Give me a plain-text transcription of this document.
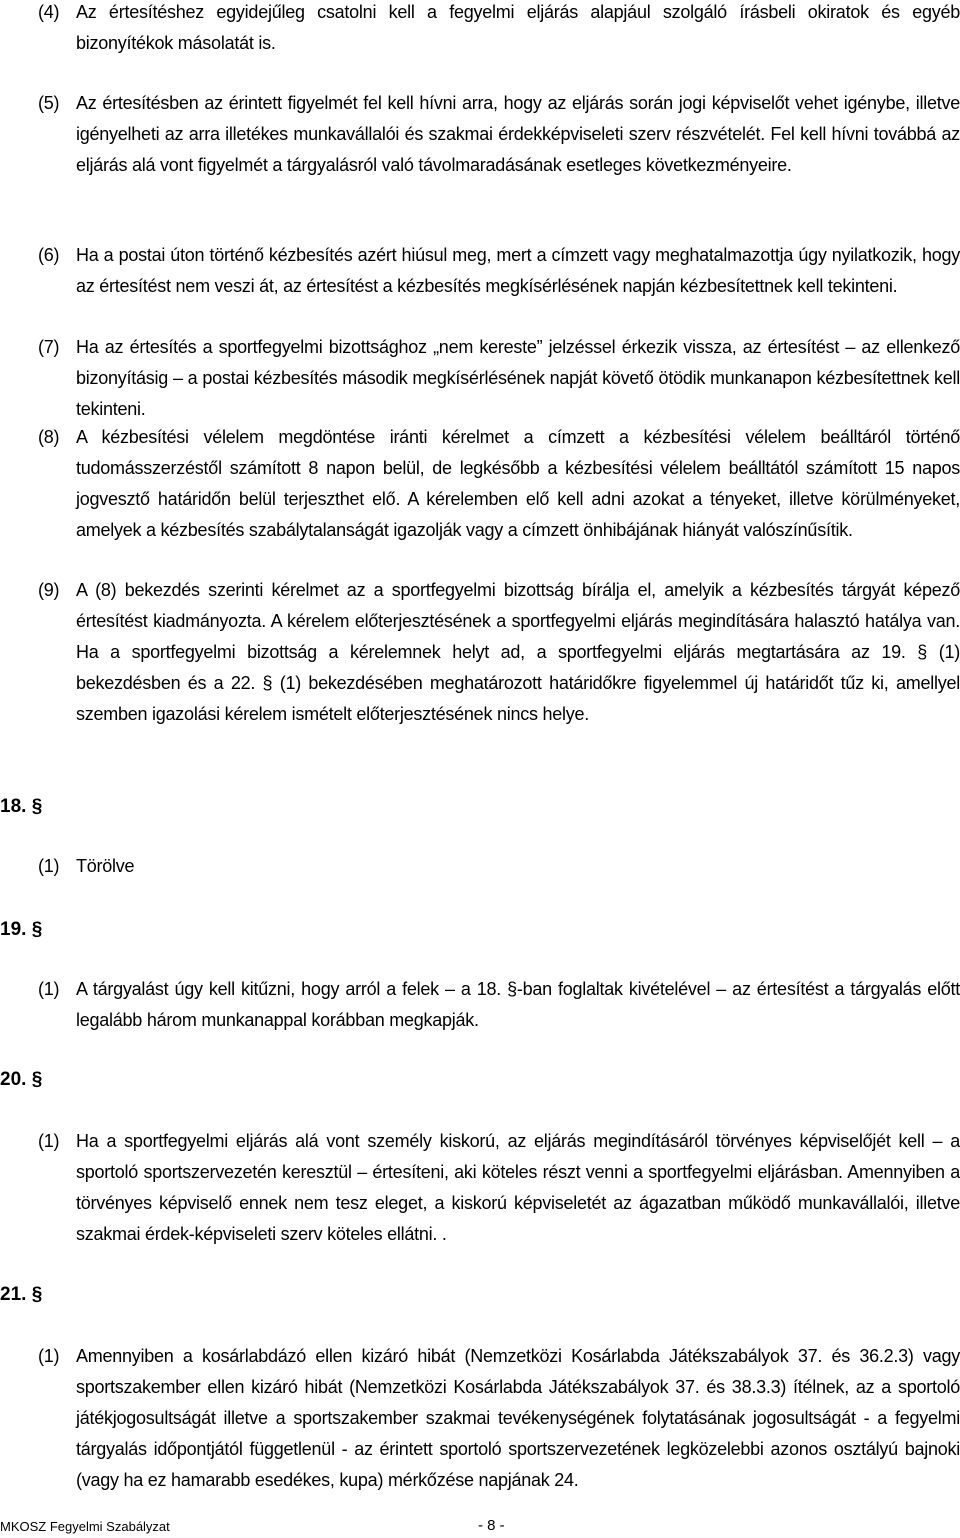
(4) Az értesítéshez egyidejűleg csatolni kell a fegyelmi eljárás alapjául szolgáló írásbeli okiratok és egyéb bizonyítékok másolatát is.
(5) Az értesítésben az érintett figyelmét fel kell hívni arra, hogy az eljárás során jogi képviselőt vehet igénybe, illetve igényelheti az arra illetékes munkavállalói és szakmai érdekképviseleti szerv részvételét. Fel kell hívni továbbá az eljárás alá vont figyelmét a tárgyalásról való távolmaradásának esetleges következményeire.
(6) Ha a postai úton történő kézbesítés azért hiúsul meg, mert a címzett vagy meghatalmazottja úgy nyilatkozik, hogy az értesítést nem veszi át, az értesítést a kézbesítés megkísérlésének napján kézbesítettnek kell tekinteni.
(7) Ha az értesítés a sportfegyelmi bizottsághoz „nem kereste” jelzéssel érkezik vissza, az értesítést – az ellenkező bizonyításig – a postai kézbesítés második megkísérlésének napját követő ötödik munkanapon kézbesítettnek kell tekinteni.
(8) A kézbesítési vélelem megdöntése iránti kérelmet a címzett a kézbesítési vélelem beálltáról történő tudomásszerzéstől számított 8 napon belül, de legkésőbb a kézbesítési vélelem beálltától számított 15 napos jogvesztő határidőn belül terjeszthet elő. A kérelemben elő kell adni azokat a tényeket, illetve körülményeket, amelyek a kézbesítés szabálytalanságát igazolják vagy a címzett önhibájának hiányát valószínűsítik.
(9) A (8) bekezdés szerinti kérelmet az a sportfegyelmi bizottság bírálja el, amelyik a kézbesítés tárgyát képező értesítést kiadmányozta. A kérelem előterjesztésének a sportfegyelmi eljárás megindítására halasztó hatálya van. Ha a sportfegyelmi bizottság a kérelemnek helyt ad, a sportfegyelmi eljárás megtartására az 19. § (1) bekezdésben és a 22. § (1) bekezdésében meghatározott határidőkre figyelemmel új határidőt tűz ki, amellyel szemben igazolási kérelem ismételt előterjesztésének nincs helye.
18. §
(1) Törölve
19. §
(1) A tárgyalást úgy kell kitűzni, hogy arról a felek – a 18. §-ban foglaltak kivételével – az értesítést a tárgyalás előtt legalább három munkanappal korábban megkapják.
20. §
(1) Ha a sportfegyelmi eljárás alá vont személy kiskorú, az eljárás megindításáról törvényes képviselőjét kell – a sportoló sportszervezetén keresztül – értesíteni, aki köteles részt venni a sportfegyelmi eljárásban. Amennyiben a törvényes képviselő ennek nem tesz eleget, a kiskorú képviseletét az ágazatban működő munkavállalói, illetve szakmai érdek-képviseleti szerv köteles ellátni. .
21. §
(1) Amennyiben a kosárlabdázó ellen kizáró hibát (Nemzetközi Kosárlabda Játékszabályok 37. és 36.2.3) vagy sportszakember ellen kizáró hibát (Nemzetközi Kosárlabda Játékszabályok 37. és 38.3.3) ítélnek, az a sportoló játékjogosultságát illetve a sportszakember szakmai tevékenységének folytatásának jogosultságát - a fegyelmi tárgyalás időpontjától függetlenül - az érintett sportoló sportszervezetének legközelebbi azonos osztályú bajnoki (vagy ha ez hamarabb esedékes, kupa) mérkőzése napjának 24.
MKOSZ Fegyelmi Szabályzat	- 8 -
